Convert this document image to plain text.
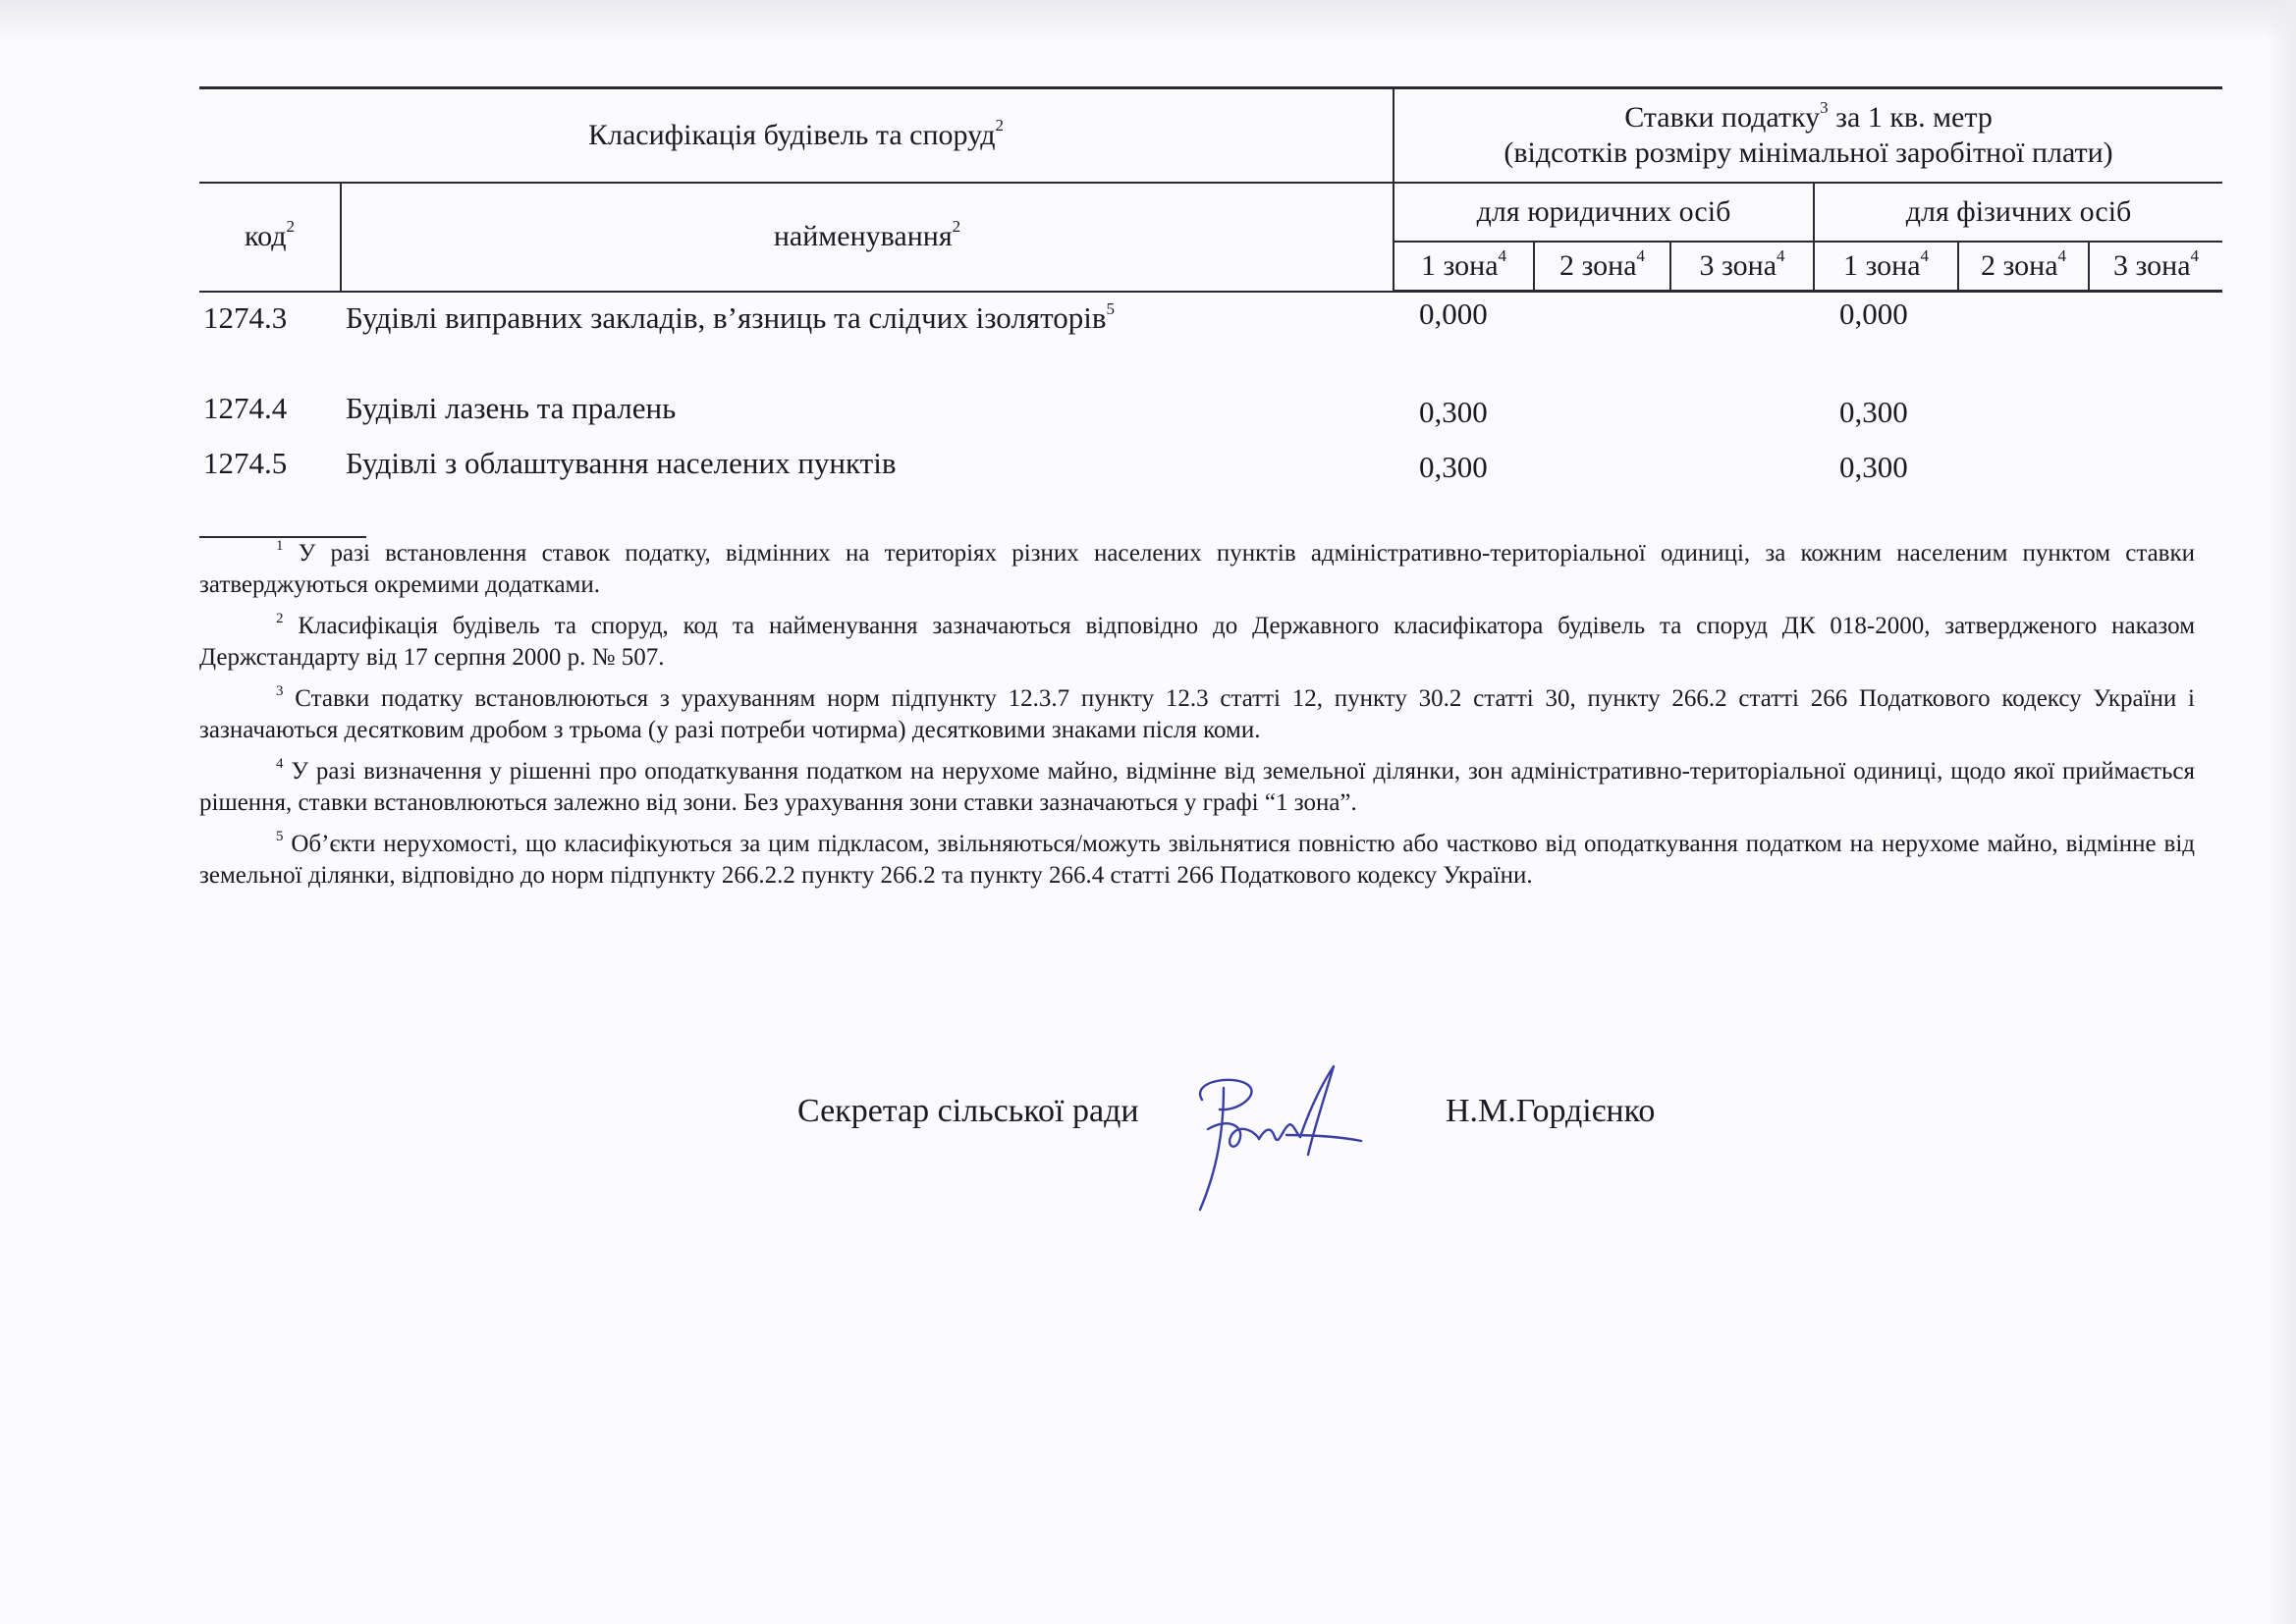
Класифікація будівель та споруд$^2$		Ставки податку$^3$ за 1 кв. метр
(відсотків розміру мінімальної заробітної плати)					
код$^2$	найменування$^2$
		для юридичних осіб			для фізичних осіб		
		1 зона$^4$	2 зона$^4$	3 зона$^4$	1 зона$^4$	2 зона$^4$	3 зона$^4$
1274.3	Будівлі виправних закладів, в’язниць та слідчих ізоляторів$^5$	0,000			0,000		
1274.4	Будівлі лазень та пралень	0,300			0,300		
1274.5	Будівлі з облаштування населених пунктів	0,300			0,300		

$^1$ У разі встановлення ставок податку, відмінних на територіях різних населених пунктів адміністративно-територіальної одиниці, за кожним населеним пунктом ставки затверджуються окремими додатками.

$^2$ Класифікація будівель та споруд, код та найменування зазначаються відповідно до Державного класифікатора будівель та споруд ДК 018-2000, затвердженого наказом Держстандарту від 17 серпня 2000 р. № 507.

$^3$ Ставки податку встановлюються з урахуванням норм підпункту 12.3.7 пункту 12.3 статті 12, пункту 30.2 статті 30, пункту 266.2 статті 266 Податкового кодексу України і зазначаються десятковим дробом з трьома (у разі потреби чотирма) десятковими знаками після коми.

$^4$ У разі визначення у рішенні про оподаткування податком на нерухоме майно, відмінне від земельної ділянки, зон адміністративно-територіальної одиниці, щодо якої приймається рішення, ставки встановлюються залежно від зони. Без урахування зони ставки зазначаються у графі “1 зона”.

$^5$ Об’єкти нерухомості, що класифікуються за цим підкласом, звільняються/можуть звільнятися повністю або частково від оподаткування податком на нерухоме майно, відмінне від земельної ділянки, відповідно до норм підпункту 266.2.2 пункту 266.2 та пункту 266.4 статті 266 Податкового кодексу України.

Секретар сільської ради	Н.М.Гордієнко
